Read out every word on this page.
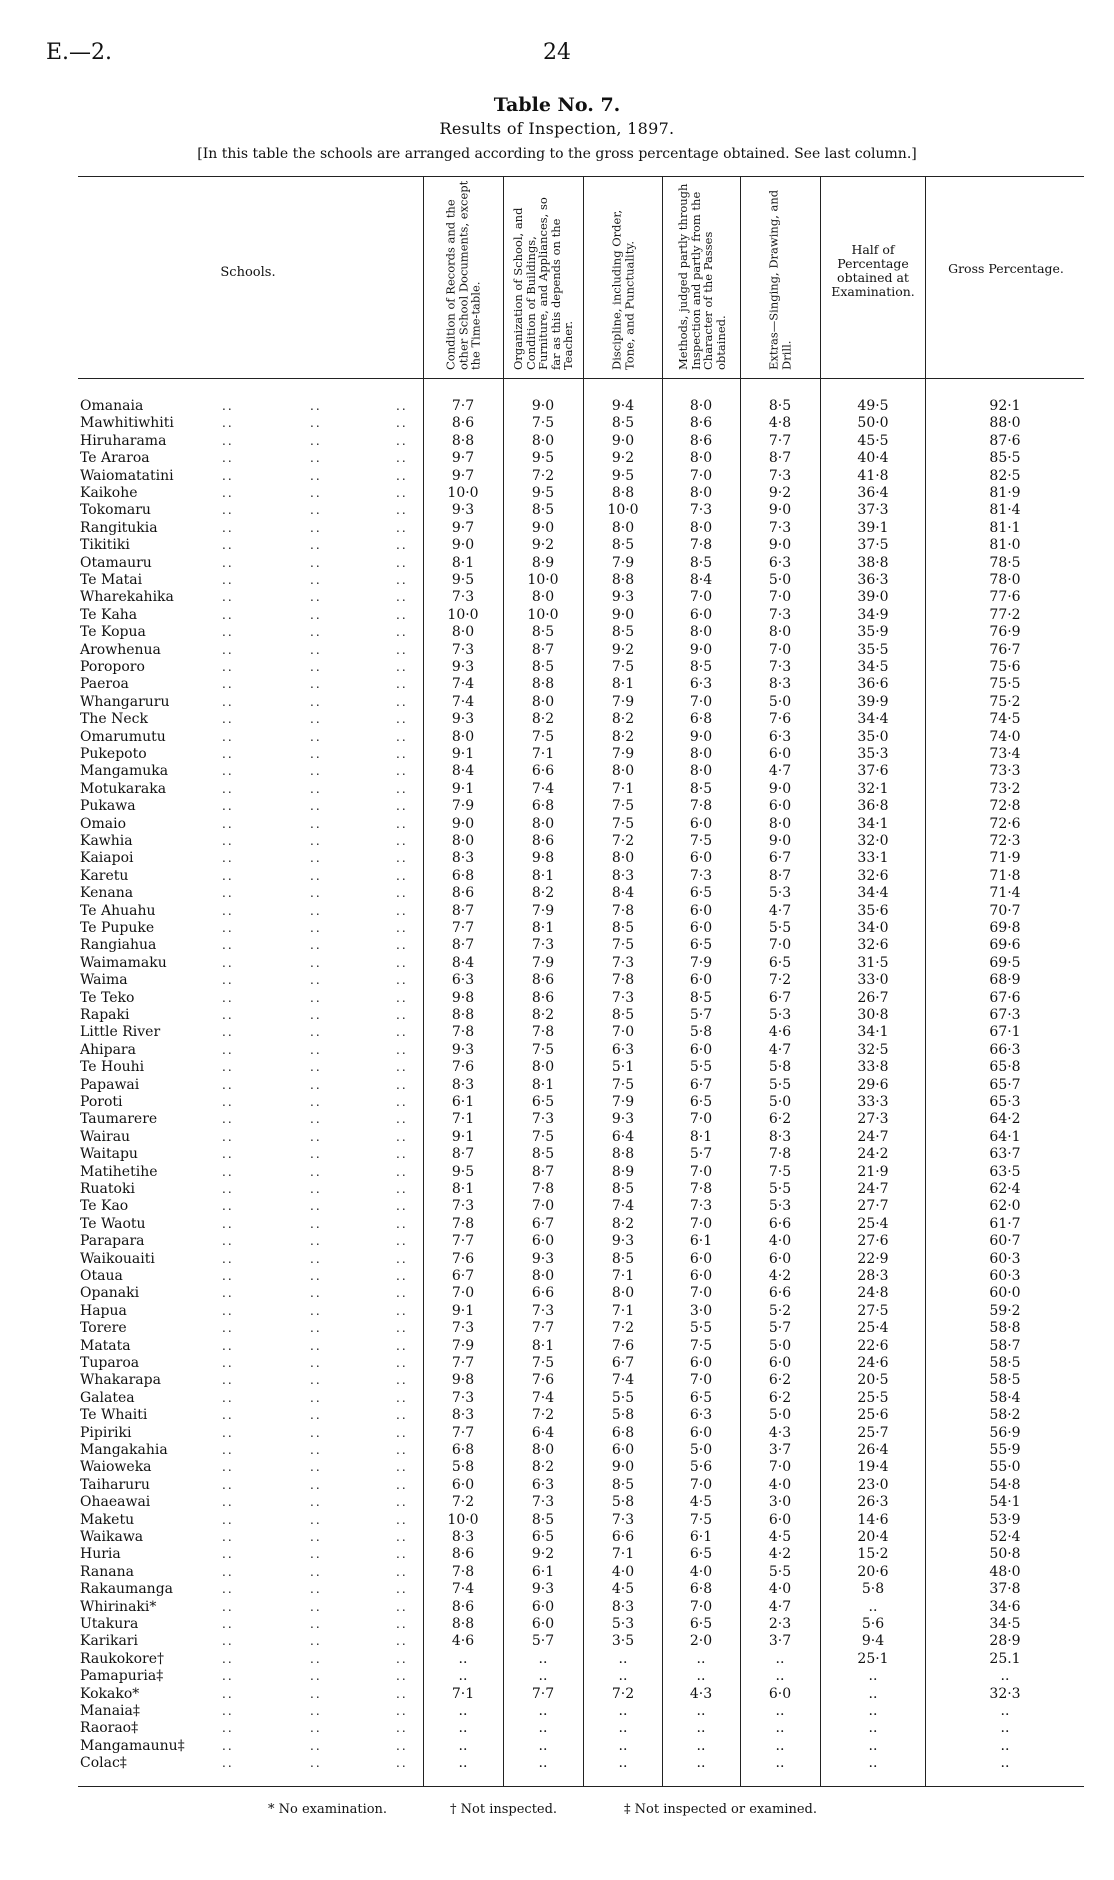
E.—2.	24
Table No. 7.
Results of Inspection, 1897.
[In this table the schools are arranged according to the gross percentage obtained. See last column.]
Schools.	Condition of Records and the other School Documents, except the Time-table. Organization of School, and Condition of Buildings, Furniture, and Appliances, so far as this depends on the Teacher.	Discipline, including Order, Tone, and Punctuality.	Methods, judged partly through Inspection and partly from the Character of the Passes obtained.	Extras—Singing, Drawing, and Drill.
Half of Percentage obtained at Examination.
Gross Percentage.
Omanaia	..	..	..	7·7	9·0	9·4	8·0	8·5	49·5	92·1
Mawhitiwhiti	..	..	..	8·6	7·5	8·5	8·6	4·8	50·0	88·0
Hiruharama	..	..	..	8·8	8·0	9·0	8·6	7·7	45·5	87·6
Te Araroa	..	..	..	9·7	9·5	9·2	8·0	8·7	40·4	85·5
Waiomatatini	..	..	..	9·7	7·2	9·5	7·0	7·3	41·8	82·5
Kaikohe	..	..	..	10·0	9·5	8·8	8·0	9·2	36·4	81·9
Tokomaru	..	..	..	9·3	8·5	10·0	7·3	9·0	37·3	81·4
Rangitukia	..	..	..	9·7	9·0	8·0	8·0	7·3	39·1	81·1
Tikitiki	..	..	..	9·0	9·2	8·5	7·8	9·0	37·5	81·0
Otamauru	..	..	..	8·1	8·9	7·9	8·5	6·3	38·8	78·5
Te Matai	..	..	..	9·5	10·0	8·8	8·4	5·0	36·3	78·0
Wharekahika	..	..	..	7·3	8·0	9·3	7·0	7·0	39·0	77·6
Te Kaha	..	..	..	10·0	10·0	9·0	6·0	7·3	34·9	77·2
Te Kopua	..	..	..	8·0	8·5	8·5	8·0	8·0	35·9	76·9
Arowhenua	..	..	..	7·3	8·7	9·2	9·0	7·0	35·5	76·7
Poroporo	..	..	..	9·3	8·5	7·5	8·5	7·3	34·5	75·6
Paeroa	..	..	..	7·4	8·8	8·1	6·3	8·3	36·6	75·5
Whangaruru	..	..	..	7·4	8·0	7·9	7·0	5·0	39·9	75·2
The Neck	..	..	..	9·3	8·2	8·2	6·8	7·6	34·4	74·5
Omarumutu	..	..	..	8·0	7·5	8·2	9·0	6·3	35·0	74·0
Pukepoto	..	..	..	9·1	7·1	7·9	8·0	6·0	35·3	73·4
Mangamuka	..	..	..	8·4	6·6	8·0	8·0	4·7	37·6	73·3
Motukaraka	..	..	..	9·1	7·4	7·1	8·5	9·0	32·1	73·2
Pukawa	..	..	..	7·9	6·8	7·5	7·8	6·0	36·8	72·8
Omaio	..	..	..	9·0	8·0	7·5	6·0	8·0	34·1	72·6
Kawhia	..	..	..	8·0	8·6	7·2	7·5	9·0	32·0	72·3
Kaiapoi	..	..	..	8·3	9·8	8·0	6·0	6·7	33·1	71·9
Karetu	..	..	..	6·8	8·1	8·3	7·3	8·7	32·6	71·8
Kenana	..	..	..	8·6	8·2	8·4	6·5	5·3	34·4	71·4
Te Ahuahu	..	..	..	8·7	7·9	7·8	6·0	4·7	35·6	70·7
Te Pupuke	..	..	..	7·7	8·1	8·5	6·0	5·5	34·0	69·8
Rangiahua	..	..	..	8·7	7·3	7·5	6·5	7·0	32·6	69·6
Waimamaku	..	..	..	8·4	7·9	7·3	7·9	6·5	31·5	69·5
Waima	..	..	..	6·3	8·6	7·8	6·0	7·2	33·0	68·9
Te Teko	..	..	..	9·8	8·6	7·3	8·5	6·7	26·7	67·6
Rapaki	..	..	..	8·8	8·2	8·5	5·7	5·3	30·8	67·3
Little River	..	..	..	7·8	7·8	7·0	5·8	4·6	34·1	67·1
Ahipara	..	..	..	9·3	7·5	6·3	6·0	4·7	32·5	66·3
Te Houhi	..	..	..	7·6	8·0	5·1	5·5	5·8	33·8	65·8
Papawai	..	..	..	8·3	8·1	7·5	6·7	5·5	29·6	65·7
Poroti	..	..	..	6·1	6·5	7·9	6·5	5·0	33·3	65·3
Taumarere	..	..	..	7·1	7·3	9·3	7·0	6·2	27·3	64·2
Wairau	..	..	..	9·1	7·5	6·4	8·1	8·3	24·7	64·1
Waitapu	..	..	..	8·7	8·5	8·8	5·7	7·8	24·2	63·7
Matihetihe	..	..	..	9·5	8·7	8·9	7·0	7·5	21·9	63·5
Ruatoki	..	..	..	8·1	7·8	8·5	7·8	5·5	24·7	62·4
Te Kao	..	..	..	7·3	7·0	7·4	7·3	5·3	27·7	62·0
Te Waotu	..	..	..	7·8	6·7	8·2	7·0	6·6	25·4	61·7
Parapara	..	..	..	7·7	6·0	9·3	6·1	4·0	27·6	60·7
Waikouaiti	..	..	..	7·6	9·3	8·5	6·0	6·0	22·9	60·3
Otaua	..	..	..	6·7	8·0	7·1	6·0	4·2	28·3	60·3
Opanaki	..	..	..	7·0	6·6	8·0	7·0	6·6	24·8	60·0
Hapua	..	..	..	9·1	7·3	7·1	3·0	5·2	27·5	59·2
Torere	..	..	..	7·3	7·7	7·2	5·5	5·7	25·4	58·8
Matata	..	..	..	7·9	8·1	7·6	7·5	5·0	22·6	58·7
Tuparoa	..	..	..	7·7	7·5	6·7	6·0	6·0	24·6	58·5
Whakarapa	..	..	..	9·8	7·6	7·4	7·0	6·2	20·5	58·5
Galatea	..	..	..	7·3	7·4	5·5	6·5	6·2	25·5	58·4
Te Whaiti	..	..	..	8·3	7·2	5·8	6·3	5·0	25·6	58·2
Pipiriki	..	..	..	7·7	6·4	6·8	6·0	4·3	25·7	56·9
Mangakahia	..	..	..	6·8	8·0	6·0	5·0	3·7	26·4	55·9
Waioweka	..	..	..	5·8	8·2	9·0	5·6	7·0	19·4	55·0
Taiharuru	..	..	..	6·0	6·3	8·5	7·0	4·0	23·0	54·8
Ohaeawai	..	..	..	7·2	7·3	5·8	4·5	3·0	26·3	54·1
Maketu	..	..	..	10·0	8·5	7·3	7·5	6·0	14·6	53·9
Waikawa	..	..	..	8·3	6·5	6·6	6·1	4·5	20·4	52·4
Huria	..	..	..	8·6	9·2	7·1	6·5	4·2	15·2	50·8
Ranana	..	..	..	7·8	6·1	4·0	4·0	5·5	20·6	48·0
Rakaumanga	..	..	..	7·4	9·3	4·5	6·8	4·0	5·8	37·8
Whirinaki*	..	..	..	8·6	6·0	8·3	7·0	4·7	..	34·6
Utakura	..	..	..	8·8	6·0	5·3	6·5	2·3	5·6	34·5
Karikari	..	..	..	4·6	5·7	3·5	2·0	3·7	9·4	28·9
Raukokore†	..	..	..	..	..	..	..	..	25·1	25.1
Pamapuria‡	..	..	..	..	..	..	..	..	..	..
Kokako*	..	..	..	7·1	7·7	7·2	4·3	6·0	..	32·3
Manaia‡	..	..	..	..	..	..	..	..	..	..
Raorao‡	..	..	..	..	..	..	..	..	..	..
Mangamaunu‡	..	..	..	..	..	..	..	..	..	..
Colac‡	..	..	..	..	..	..	..	..	..	..
* No examination.	† Not inspected.	‡ Not inspected or examined.
